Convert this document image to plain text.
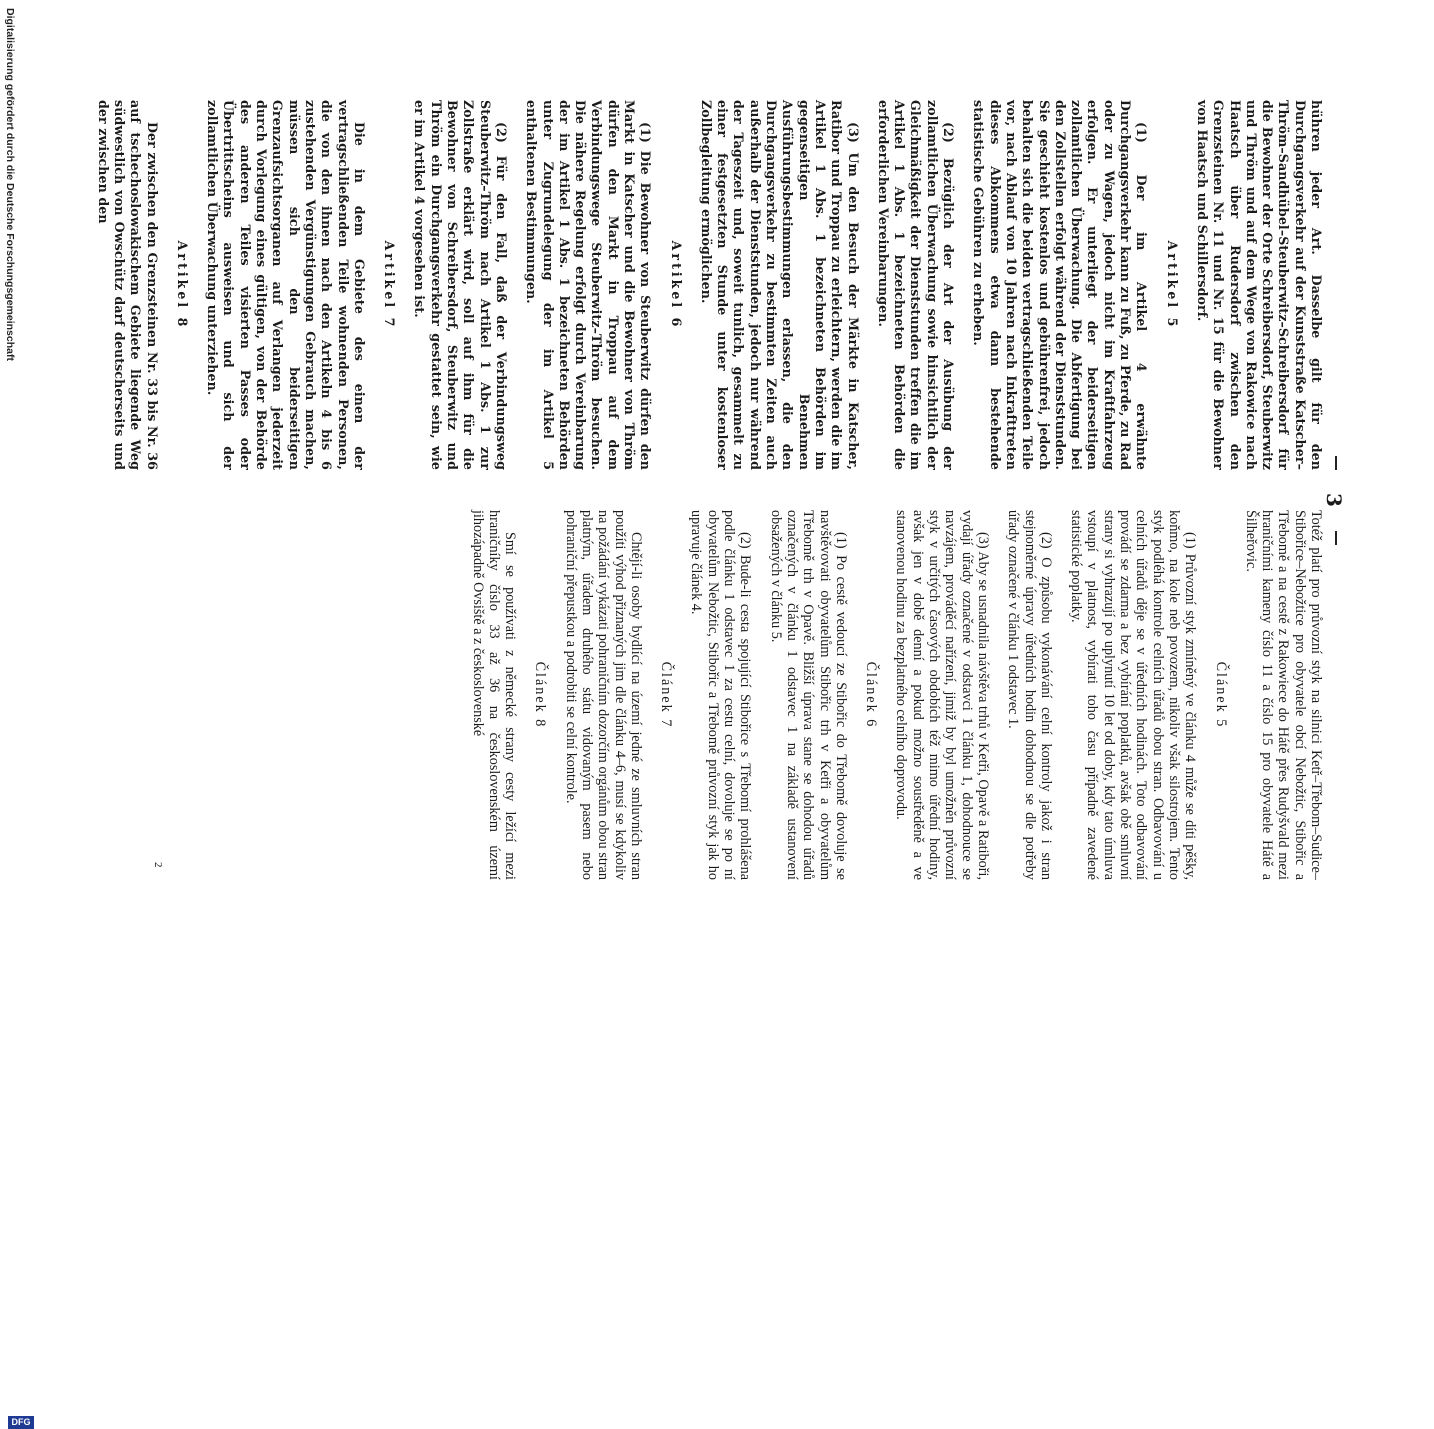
DFG
3

hühren jeder Art. Dasselbe gilt für den Durchgangsverkehr auf der Kunststraße Katscher–Thröm–Sandhübel–Steuberwitz–Schreibersdorf für die Bewohner der Orte Schreibersdorf, Steuberwitz und Thröm und auf dem Wege von Rakowice nach Haatsch über Rudersdorf zwischen den Grenzsteinen Nr. 11 und Nr. 15 für die Bewohner von Haatsch und Schillersdorf.

Artikel 5

(1) Der im Artikel 4 erwähnte Durchgangsverkehr kann zu Fuß, zu Pferde, zu Rad oder zu Wagen, jedoch nicht im Kraftfahrzeug erfolgen. Er unterliegt der beiderseitigen zollamtlichen Überwachung. Die Abfertigung bei den Zollstellen erfolgt während der Dienststunden. Sie geschieht kostenlos und gebührenfrei, jedoch behalten sich die beiden vertragschließenden Teile vor, nach Ablauf von 10 Jahren nach Inkrafttreten dieses Abkommens etwa dann bestehende statistische Gebühren zu erheben.

(2) Bezüglich der Art der Ausübung der zollamtlichen Überwachung sowie hinsichtlich der Gleichmäßigkeit der Dienststunden treffen die im Artikel 1 Abs. 1 bezeichneten Behörden die erforderlichen Vereinbarungen.

(3) Um den Besuch der Märkte in Katscher, Ratibor und Troppau zu erleichtern, werden die im Artikel 1 Abs. 1 bezeichneten Behörden im gegenseitigen Benehmen Ausführungsbestimmungen erlassen, die den Durchgangsverkehr zu bestimmten Zeiten auch außerhalb der Dienststunden, jedoch nur während der Tageszeit und, soweit tunlich, gesammelt zu einer festgesetzten Stunde unter kostenloser Zollbegleitung ermöglichen.

Artikel 6

(1) Die Bewohner von Steuberwitz dürfen den Markt in Katscher und die Bewohner von Thröm dürfen den Markt in Troppau auf dem Verbindungswege Steuberwitz–Thröm besuchen. Die nähere Regelung erfolgt durch Vereinbarung der im Artikel 1 Abs. 1 bezeichneten Behörden unter Zugrundelegung der im Artikel 5 enthaltenen Bestimmungen.

(2) Für den Fall, daß der Verbindungsweg Steuberwitz–Thröm nach Artikel 1 Abs. 1 zur Zollstraße erklärt wird, soll auf ihm für die Bewohner von Schreibersdorf, Steuberwitz und Thröm ein Durchgangsverkehr gestattet sein, wie er im Artikel 4 vorgesehen ist.

Artikel 7

Die in dem Gebiete des einen der vertragschließenden Teile wohnenden Personen, die von den ihnen nach den Artikeln 4 bis 6 zustehenden Vergünstigungen Gebrauch machen, müssen sich den beiderseitigen Grenzaufsichtsorganen auf Verlangen jederzeit durch Vorlegung eines gültigen, von der Behörde des anderen Teiles visierten Passes oder Übertrittscheins ausweisen und sich der zollamtlichen Überwachung unterziehen.

Artikel 8

Der zwischen den Grenzsteinen Nr. 33 bis Nr. 36 auf tschechoslowakischem Gebiete liegende Weg südwestlich von Owschütz darf deutscherseits und der zwischen den

Totéž platí pro průvozní styk na silnici Ketř–Třebom–Sudice–Stibořice–Nebožtice pro obyvatele obcí Nebožtic, Stibořic a Třebomě a na cestě z Rakowiece do Hátě přes Rudyšvald mezi hraničními kameny číslo 11 a číslo 15 pro obyvatele Hátě a Šilheřovic.

Článek 5

(1) Průvozní styk zmíněný ve článku 4 může se díti pěšky, koňmo, na kole neb povozem, nikoliv však silostrojem. Tento styk podléhá kontrole celních úřadů obou stran. Odbavování u celních úřadů děje se v úředních hodinách. Toto odbavování provádí se zdarma a bez vybírání poplatků, avšak obě smluvní strany si vyhrazují po uplynutí 10 let od doby, kdy tato úmluva vstoupí v platnost, vybírati toho času případně zavedené statistické poplatky.

(2) O způsobu vykonávání celní kontroly jakož i stran stejnoměrné úpravy úředních hodin dohodnou se dle potřeby úřady označené v článku 1 odstavec 1.

(3) Aby se usnadnila návštěva trhů v Ketři, Opavě a Ratiboři, vydají úřady označené v odstavci 1 článku 1, dohodnouce se navzájem, prováděcí nařízení, jimiž by byl umožněn průvozní styk v určitých časových obdobích též mimo úřední hodiny, avšak jen v době denní a pokud možno soustředěně a ve stanovenou hodinu za bezplatného celního doprovodu.

Článek 6

(1) Po cestě vedoucí ze Stibořic do Třebomě dovoluje se navštěvovati obyvatelům Stibořic trh v Ketři a obyvatelům Třebomě trh v Opavě. Bližší úprava stane se dohodou úřadů označených v článku 1 odstavec 1 na základě ustanovení obsažených v článku 5.

(2) Bude-li cesta spojující Stibořice s Třebomí prohlášena podle článku 1 odstavec 1 za cestu celní, dovoluje se po ní obyvatelům Nebožtic, Stibořic a Třebomě průvozní styk jak ho upravuje článek 4.

Článek 7

Chtějí-li osoby bydlící na území jedné ze smluvních stran použíti výhod přiznaných jim dle článku 4–6, musí se kdykoliv na požádání vykázati pohraničním dozorčím orgánům obou stran platným, úřadem druhého státu vidovaným pasem nebo pohraniční přepustkou a podrobiti se celní kontrole.

Článek 8

Smí se používati z německé strany cesty ležící mezi hraničníky číslo 33 až 36 na československém území jihozápadně Ovsiště a z československé

2
Digitalisierung gefördert durch die Deutsche Forschungsgemeinschaft
